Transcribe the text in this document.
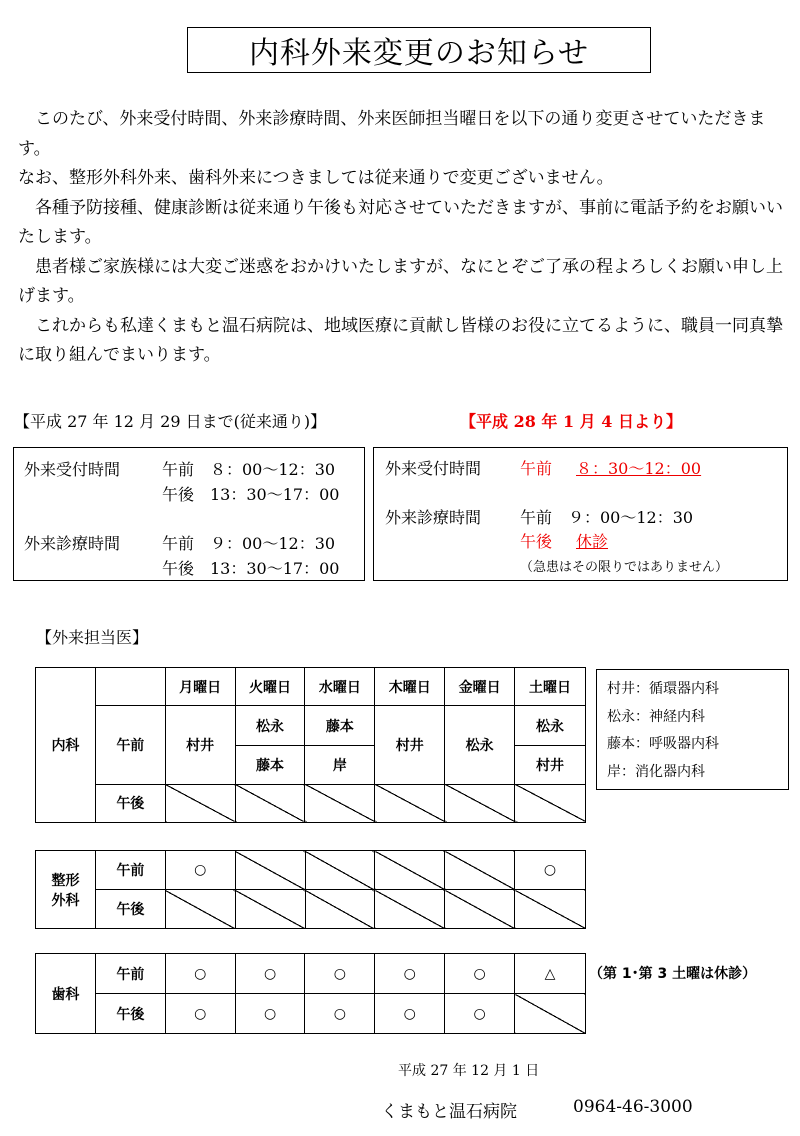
内科外来変更のお知らせ

　このたび、外来受付時間、外来診療時間、外来医師担当曜日を以下の通り変更させていただきます。

なお、整形外科外来、歯科外来につきましては従来通りで変更ございません。

　各種予防接種、健康診断は従来通り午後も対応させていただきますが、事前に電話予約をお願いいたします。

　患者様ご家族様には大変ご迷惑をおかけいたしますが、なにとぞご了承の程よろしくお願い申し上げます。

　これからも私達くまもと温石病院は、地域医療に貢献し皆様のお役に立てるように、職員一同真摯に取り組んでまいります。

【平成 27 年 12 月 29 日まで(従来通り)】	【平成 28 年 1 月 4 日より】
外来受付時間	午前　８：00～12：30
午後　13：30～17：00
外来診療時間	午前　９：00～12：30
午後　13：30～17：00
外来受付時間 午前 ８：30～12：00
外来診療時間 午前　９：00～12：30
午後 休診
（急患はその限りではありません）
【外来担当医】
内科		月曜日	火曜日	水曜日	木曜日	金曜日	土曜日
	午前	村井	松永	藤本	村井	松永	松永
			藤本	岸			村井
	午後						
村井：循環器内科
松永：神経内科
藤本：呼吸器内科
岸：消化器内科
整形
外科	午前	○					○
	午後						
歯科	午前	○	○	○	○	○	△
	午後	○	○	○	○	○	
（第 1･第 3 土曜は休診）
平成 27 年 12 月 1 日
くまもと温石病院	0964-46-3000
